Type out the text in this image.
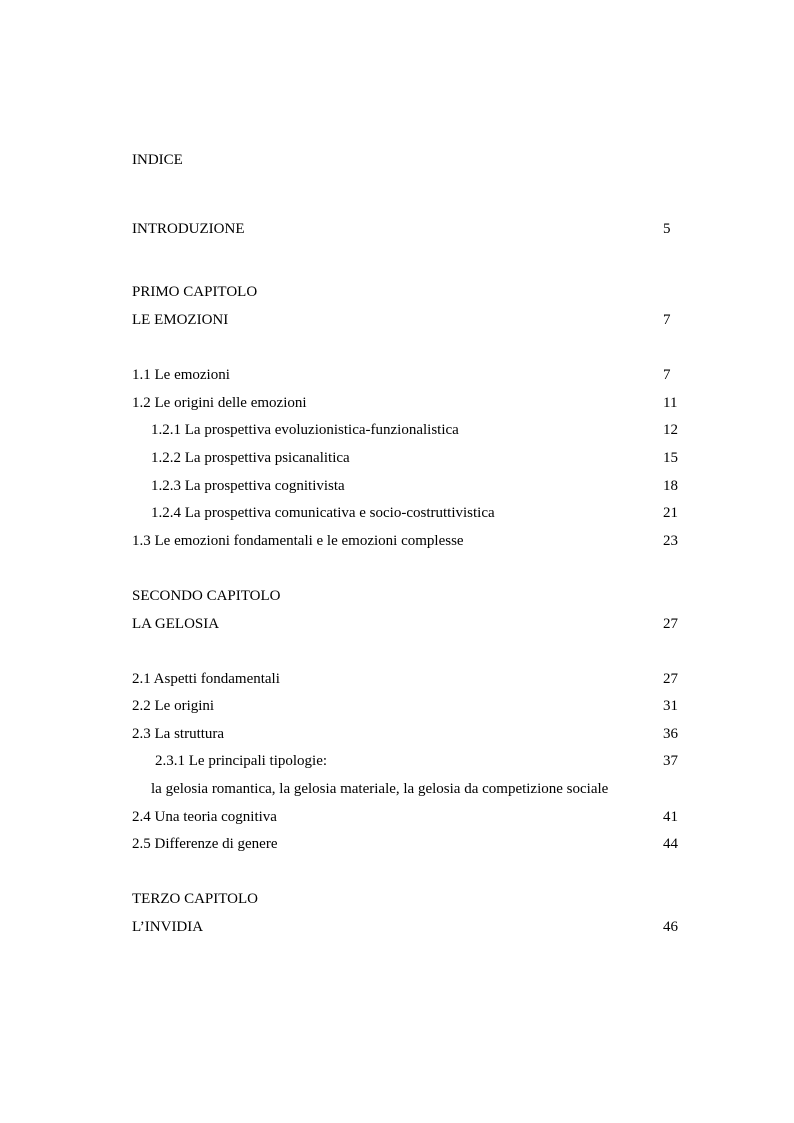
INDICE
INTRODUZIONE	5
PRIMO CAPITOLO
LE EMOZIONI	7
1.1 Le emozioni	7
1.2 Le origini delle emozioni	11
1.2.1 La prospettiva evoluzionistica-funzionalistica	12
1.2.2 La prospettiva psicanalitica	15
1.2.3 La prospettiva cognitivista	18
1.2.4 La prospettiva comunicativa e socio-costruttivistica	21
1.3 Le emozioni fondamentali e le emozioni complesse	23
SECONDO CAPITOLO
LA GELOSIA	27
2.1 Aspetti fondamentali	27
2.2 Le origini	31
2.3 La struttura	36
2.3.1 Le principali tipologie:	37
la gelosia romantica, la gelosia materiale, la gelosia da competizione sociale
2.4 Una teoria cognitiva	41
2.5 Differenze di genere	44
TERZO CAPITOLO
L’INVIDIA	46
